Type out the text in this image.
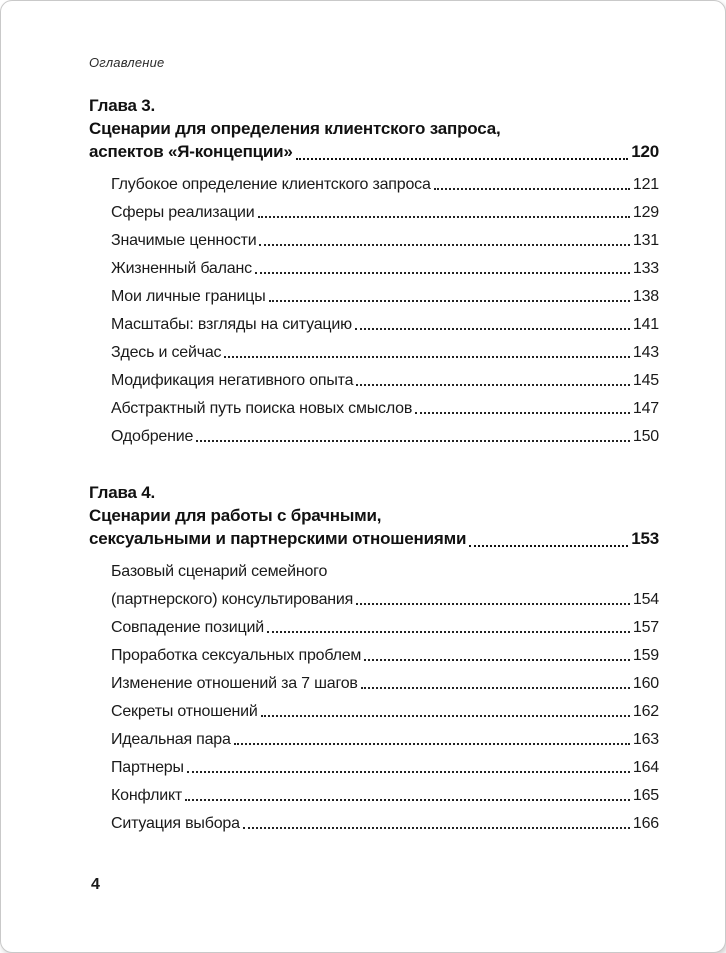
Оглавление
Глава 3.
Сценарии для определения клиентского запроса,
аспектов «Я-концепции»	120
Глубокое определение клиентского запроса	121
Сферы реализации	129
Значимые ценности	131
Жизненный баланс	133
Мои личные границы	138
Масштабы: взгляды на ситуацию	141
Здесь и сейчас	143
Модификация негативного опыта	145
Абстрактный путь поиска новых смыслов	147
Одобрение	150
Глава 4.
Сценарии для работы с брачными,
сексуальными и партнерскими отношениями	153
Базовый сценарий семейного
(партнерского) консультирования	154
Совпадение позиций	157
Проработка сексуальных проблем	159
Изменение отношений за 7 шагов	160
Секреты отношений	162
Идеальная пара	163
Партнеры	164
Конфликт	165
Ситуация выбора	166
4
